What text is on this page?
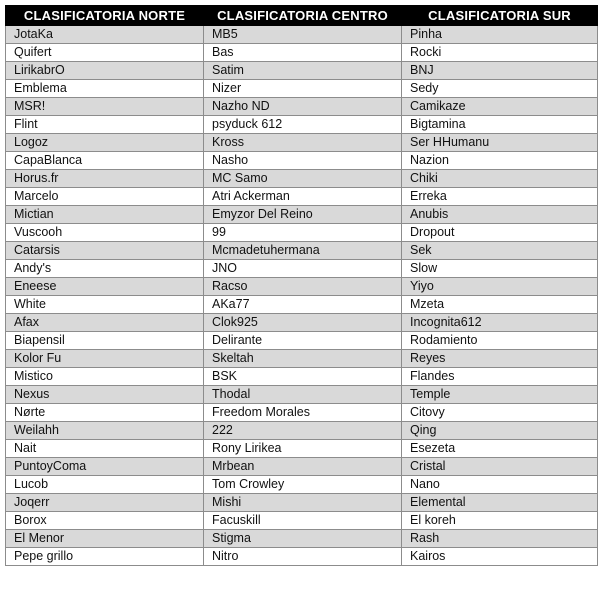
CLASIFICATORIA NORTE	CLASIFICATORIA CENTRO	CLASIFICATORIA SUR
JotaKa	MB5	Pinha
Quifert	Bas	Rocki
LirikabrO	Satim	BNJ
Emblema	Nizer	Sedy
MSR!	Nazho ND	Camikaze
Flint	psyduck 612	Bigtamina
Logoz	Kross	Ser HHumanu
CapaBlanca	Nasho	Nazion
Horus.fr	MC Samo	Chiki
Marcelo	Atri Ackerman	Erreka
Mictian	Emyzor Del Reino	Anubis
Vuscooh	99	Dropout
Catarsis	Mcmadetuhermana	Sek
Andy's	JNO	Slow
Eneese	Racso	Yiyo
White	AKa77	Mzeta
Afax	Clok925	Incognita612
Biapensil	Delirante	Rodamiento
Kolor Fu	Skeltah	Reyes
Mistico	BSK	Flandes
Nexus	Thodal	Temple
Nørte	Freedom Morales	Citovy
Weilahh	222	Qing
Nait	Rony Lirikea	Esezeta
PuntoyComa	Mrbean	Cristal
Lucob	Tom Crowley	Nano
Joqerr	Mishi	Elemental
Borox	Facuskill	El koreh
El Menor	Stigma	Rash
Pepe grillo	Nitro	Kairos
